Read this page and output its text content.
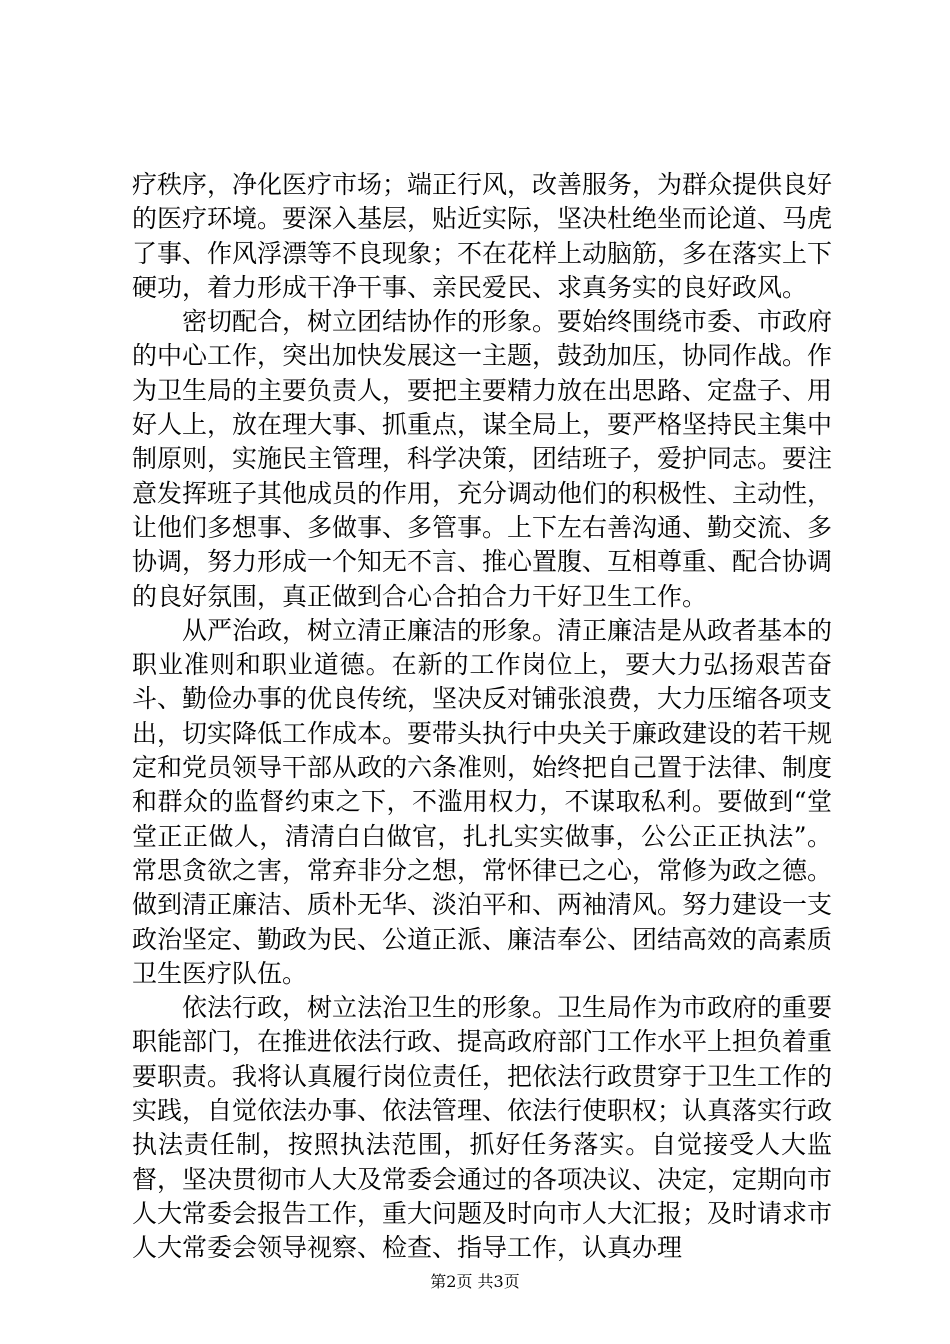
疗秩序，净化医疗市场；端正行风，改善服务，为群众提供良好的医疗环境。要深入基层，贴近实际，坚决杜绝坐而论道、马虎了事、作风浮漂等不良现象；不在花样上动脑筋，多在落实上下硬功，着力形成干净干事、亲民爱民、求真务实的良好政风。

密切配合，树立团结协作的形象。要始终围绕市委、市政府的中心工作，突出加快发展这一主题，鼓劲加压，协同作战。作为卫生局的主要负责人，要把主要精力放在出思路、定盘子、用好人上，放在理大事、抓重点，谋全局上，要严格坚持民主集中制原则，实施民主管理，科学决策，团结班子，爱护同志。要注意发挥班子其他成员的作用，充分调动他们的积极性、主动性，让他们多想事、多做事、多管事。上下左右善沟通、勤交流、多协调，努力形成一个知无不言、推心置腹、互相尊重、配合协调的良好氛围，真正做到合心合拍合力干好卫生工作。

从严治政，树立清正廉洁的形象。清正廉洁是从政者基本的职业准则和职业道德。在新的工作岗位上，要大力弘扬艰苦奋斗、勤俭办事的优良传统，坚决反对铺张浪费，大力压缩各项支出，切实降低工作成本。要带头执行中央关于廉政建设的若干规定和党员领导干部从政的六条准则，始终把自己置于法律、制度和群众的监督约束之下，不滥用权力，不谋取私利。要做到“堂堂正正做人，清清白白做官，扎扎实实做事，公公正正执法”。常思贪欲之害，常弃非分之想，常怀律已之心，常修为政之德。做到清正廉洁、质朴无华、淡泊平和、两袖清风。努力建设一支政治坚定、勤政为民、公道正派、廉洁奉公、团结高效的高素质卫生医疗队伍。

依法行政，树立法治卫生的形象。卫生局作为市政府的重要职能部门，在推进依法行政、提高政府部门工作水平上担负着重要职责。我将认真履行岗位责任，把依法行政贯穿于卫生工作的实践，自觉依法办事、依法管理、依法行使职权；认真落实行政执法责任制，按照执法范围，抓好任务落实。自觉接受人大监督，坚决贯彻市人大及常委会通过的各项决议、决定，定期向市人大常委会报告工作，重大问题及时向市人大汇报；及时请求市人大常委会领导视察、检查、指导工作，认真办理

第2页 共3页
